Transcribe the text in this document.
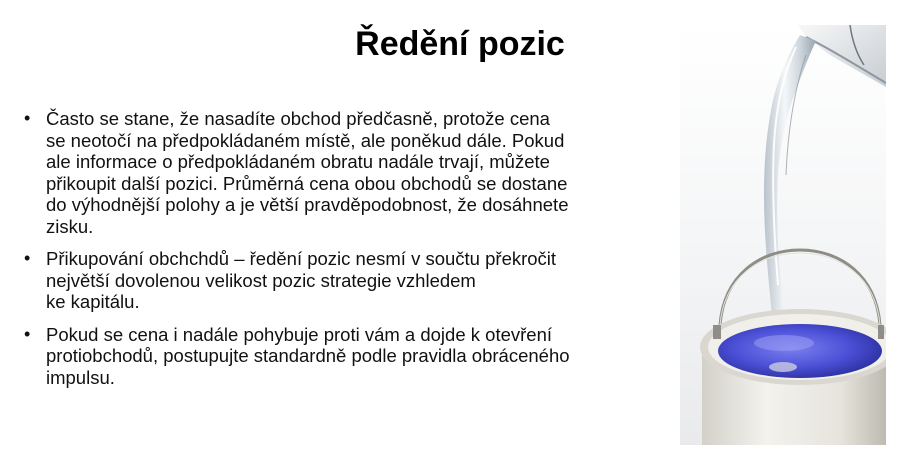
Ředění pozic
• Často se stane, že nasadíte obchod předčasně, protože cena
se neotočí na předpokládaném místě, ale poněkud dále. Pokud
ale informace o předpokládaném obratu nadále trvají, můžete
přikoupit další pozici. Průměrná cena obou obchodů se dostane
do výhodnější polohy a je větší pravděpodobnost, že dosáhnete
zisku.
• Přikupování obchchdů – ředění pozic nesmí v součtu překročit
největší dovolenou velikost pozic strategie vzhledem
ke kapitálu.
• Pokud se cena i nadále pohybuje proti vám a dojde k otevření
protiobchodů, postupujte standardně podle pravidla obráceného
impulsu.
